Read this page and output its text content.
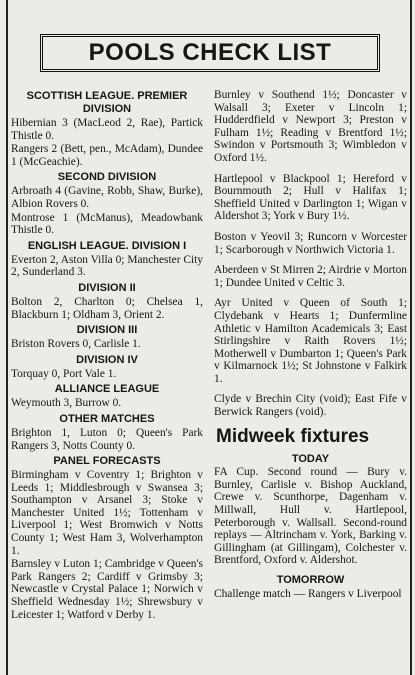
POOLS CHECK LIST
SCOTTISH LEAGUE. PREMIER DIVISION
Hibernian 3 (MacLeod 2, Rae), Partick Thistle 0.
Rangers 2 (Bett, pen., McAdam), Dundee 1 (McGeachie).
SECOND DIVISION
Arbroath 4 (Gavine, Robb, Shaw, Burke), Albion Rovers 0.
Montrose 1 (McManus), Meadowbank Thistle 0.
ENGLISH LEAGUE. DIVISION I
Everton 2, Aston Villa 0; Manchester City 2, Sunderland 3.
DIVISION II
Bolton 2, Charlton 0; Chelsea 1, Blackburn 1; Oldham 3, Orient 2.
DIVISION III
Briston Rovers 0, Carlisle 1.
DIVISION IV
Torquay 0, Port Vale 1.
ALLIANCE LEAGUE
Weymouth 3, Burrow 0.
OTHER MATCHES
Brighton 1, Luton 0; Queen's Park Rangers 3, Notts County 0.
PANEL FORECASTS
Birmingham v Coventry 1; Brighton v Leeds 1; Middlesbrough v Swansea 3; Southampton v Arsanel 3; Stoke v Manchester United 1½; Tottenham v Liverpool 1; West Bromwich v Notts County 1; West Ham 3, Wolverhampton 1.
Barnsley v Luton 1; Cambridge v Queen's Park Rangers 2; Cardiff v Grimsby 3; Newcastle v Crystal Palace 1; Norwich v Sheffield Wednesday 1½; Shrewsbury v Leicester 1; Watford v Derby 1.
Burnley v Southend 1½; Doncaster v Walsall 3; Exeter v Lincoln 1; Hudderdfield v Newport 3; Preston v Fulham 1½; Reading v Brentford 1½; Swindon v Portsmouth 3; Wimbledon v Oxford 1½.
Hartlepool v Blackpool 1; Hereford v Bournmouth 2; Hull v Halifax 1; Sheffield United v Darlington 1; Wigan v Aldershot 3; York v Bury 1½.
Boston v Yeovil 3; Runcorn v Worcester 1; Scarborough v Northwich Victoria 1.
Aberdeen v St Mirren 2; Airdrie v Morton 1; Dundee United v Celtic 3.
Ayr United v Queen of South 1; Clydebank v Hearts 1; Dunfermline Athletic v Hamilton Academicals 3; East Stirlingshire v Raith Rovers 1½; Motherwell v Dumbarton 1; Queen's Park v Kilmarnock 1½; St Johnstone v Falkirk 1.
Clyde v Brechin City (void); East Fife v Berwick Rangers (void).
Midweek fixtures
TODAY
FA Cup. Second round — Bury v. Burnley, Carlisle v. Bishop Auckland, Crewe v. Scunthorpe, Dagenham v. Millwall, Hull v. Hartlepool, Peterborough v. Wallsall. Second-round replays — Altrincham v. York, Barking v. Gillingham (at Gillingam), Colchester v. Brentford, Oxford v. Aldershot.
TOMORROW
Challenge match — Rangers v Liverpool
